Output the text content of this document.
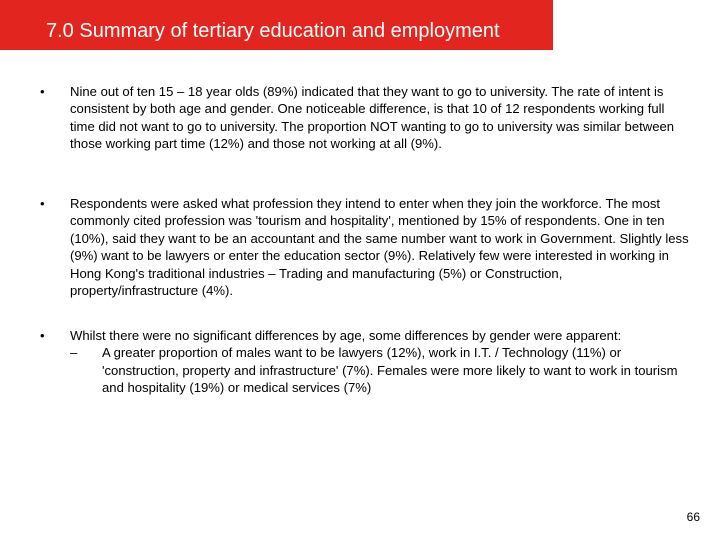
7.0 Summary of tertiary education and employment
• Nine out of ten 15 – 18 year olds (89%) indicated that they want to go to university. The rate of intent is consistent by both age and gender. One noticeable difference, is that 10 of 12 respondents working full time did not want to go to university. The proportion NOT wanting to go to university was similar between those working part time (12%) and those not working at all (9%).
• Respondents were asked what profession they intend to enter when they join the workforce. The most commonly cited profession was 'tourism and hospitality', mentioned by 15% of respondents. One in ten (10%), said they want to be an accountant and the same number want to work in Government. Slightly less (9%) want to be lawyers or enter the education sector (9%). Relatively few were interested in working in Hong Kong's traditional industries – Trading and manufacturing (5%) or Construction, property/infrastructure (4%).
• Whilst there were no significant differences by age, some differences by gender were apparent:
– A greater proportion of males want to be lawyers (12%), work in I.T. / Technology (11%) or 'construction, property and infrastructure' (7%). Females were more likely to want to work in tourism and hospitality (19%) or medical services (7%)
66
